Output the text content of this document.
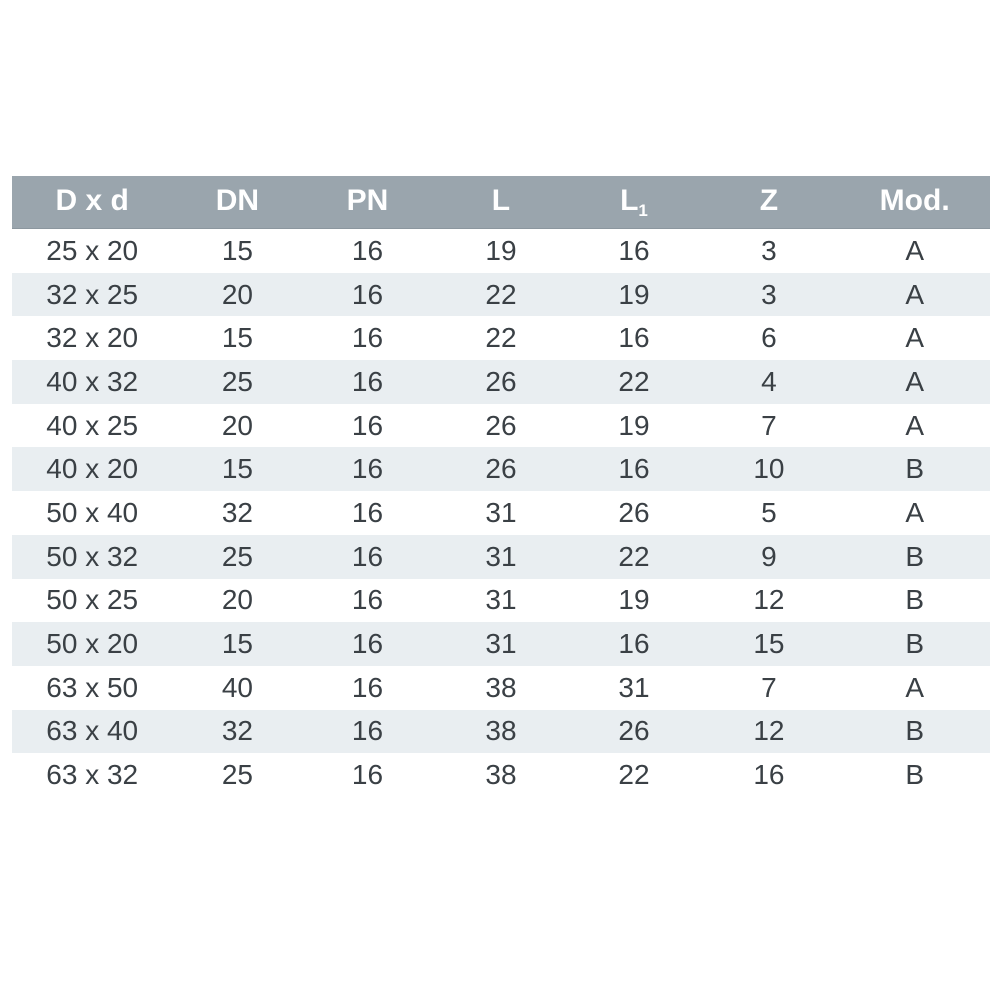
D x d	DN	PN	L	$L_1$	Z	Mod.
25 x 20	15	16	19	16	3	A
32 x 25	20	16	22	19	3	A
32 x 20	15	16	22	16	6	A
40 x 32	25	16	26	22	4	A
40 x 25	20	16	26	19	7	A
40 x 20	15	16	26	16	10	B
50 x 40	32	16	31	26	5	A
50 x 32	25	16	31	22	9	B
50 x 25	20	16	31	19	12	B
50 x 20	15	16	31	16	15	B
63 x 50	40	16	38	31	7	A
63 x 40	32	16	38	26	12	B
63 x 32	25	16	38	22	16	B
